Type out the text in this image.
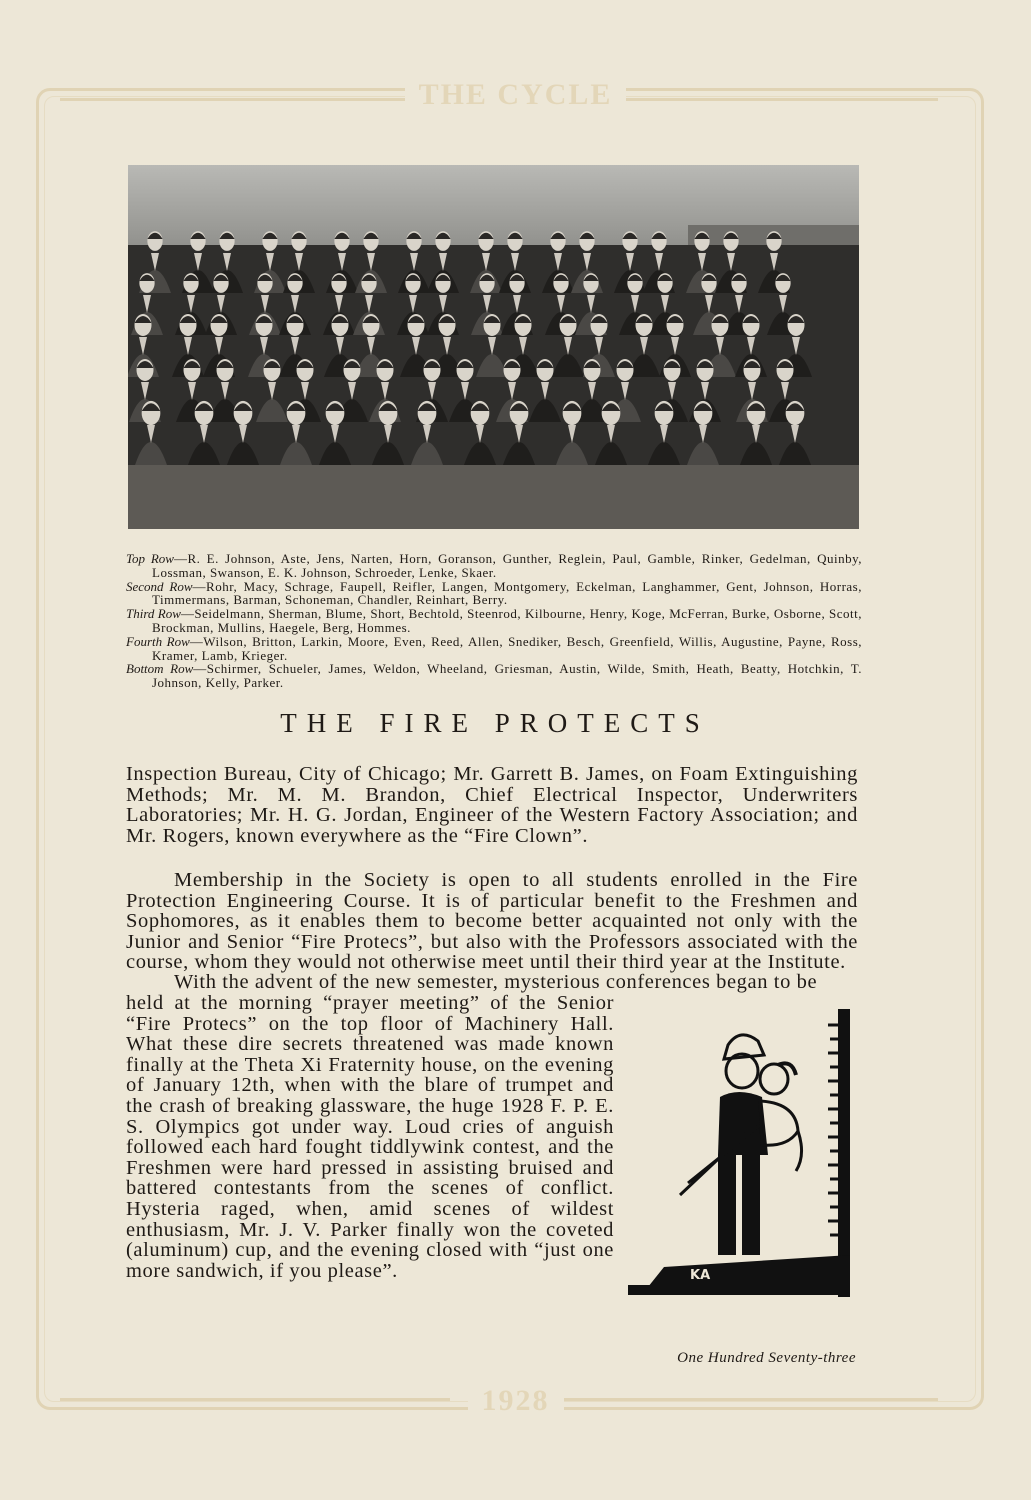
THE CYCLE

Top Row—R. E. Johnson, Aste, Jens, Narten, Horn, Goranson, Gunther, Reglein, Paul, Gamble, Rinker, Gedelman, Quinby, Lossman, Swanson, E. K. Johnson, Schroeder, Lenke, Skaer.

Second Row—Rohr, Macy, Schrage, Faupell, Reifler, Langen, Montgomery, Eckelman, Langhammer, Gent, Johnson, Horras, Timmermans, Barman, Schoneman, Chandler, Reinhart, Berry.

Third Row—Seidelmann, Sherman, Blume, Short, Bechtold, Steenrod, Kilbourne, Henry, Koge, McFerran, Burke, Osborne, Scott, Brockman, Mullins, Haegele, Berg, Hommes.

Fourth Row—Wilson, Britton, Larkin, Moore, Even, Reed, Allen, Snediker, Besch, Greenfield, Willis, Augustine, Payne, Ross, Kramer, Lamb, Krieger.

Bottom Row—Schirmer, Schueler, James, Weldon, Wheeland, Griesman, Austin, Wilde, Smith, Heath, Beatty, Hotchkin, T. Johnson, Kelly, Parker.

THE FIRE PROTECTS

Inspection Bureau, City of Chicago; Mr. Garrett B. James, on Foam Extinguishing Methods; Mr. M. M. Brandon, Chief Electrical Inspector, Underwriters Laboratories; Mr. H. G. Jordan, Engineer of the Western Factory Association; and Mr. Rogers, known everywhere as the “Fire Clown”.

Membership in the Society is open to all students enrolled in the Fire Protection Engineering Course. It is of particular benefit to the Freshmen and Sophomores, as it enables them to become better acquainted not only with the Junior and Senior “Fire Protecs”, but also with the Professors associated with the course, whom they would not otherwise meet until their third year at the Institute.

With the advent of the new semester, mysterious conferences began to be

held at the morning “prayer meeting” of the Senior “Fire Protecs” on the top floor of Machinery Hall. What these dire secrets threatened was made known finally at the Theta Xi Fraternity house, on the evening of January 12th, when with the blare of trumpet and the crash of breaking glassware, the huge 1928 F. P. E. S. Olympics got under way. Loud cries of anguish followed each hard fought tiddlywink contest, and the Freshmen were hard pressed in assisting bruised and battered contestants from the scenes of conflict. Hysteria raged, when, amid scenes of wildest enthusiasm, Mr. J. V. Parker finally won the coveted (aluminum) cup, and the evening closed with “just one more sandwich, if you please”.	KA
One Hundred Seventy-three
1928
